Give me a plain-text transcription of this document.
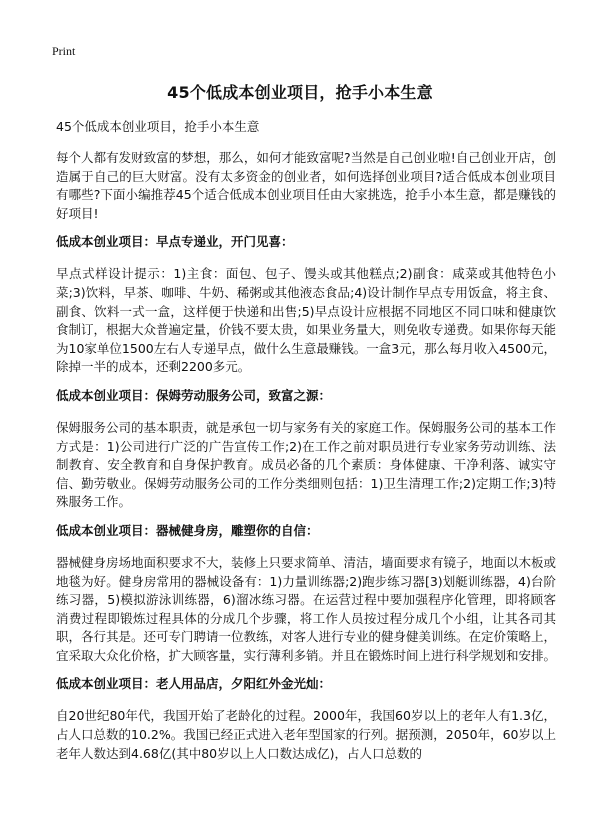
Print
45个低成本创业项目，抢手小本生意
45个低成本创业项目，抢手小本生意
每个人都有发财致富的梦想，那么，如何才能致富呢?当然是自己创业啦!自己创业开店，创造属于自己的巨大财富。没有太多资金的创业者，如何选择创业项目?适合低成本创业项目有哪些?下面小编推荐45个适合低成本创业项目任由大家挑选，抢手小本生意，都是赚钱的好项目!
低成本创业项目：早点专递业，开门见喜：
早点式样设计提示：1)主食：面包、包子、馒头或其他糕点;2)副食：咸菜或其他特色小菜;3)饮料，早茶、咖啡、牛奶、稀粥或其他液态食品;4)设计制作早点专用饭盒，将主食、副食、饮料一式一盒，这样便于快递和出售;5)早点设计应根据不同地区不同口味和健康饮食制订，根据大众普遍定量，价钱不要太贵，如果业务量大，则免收专递费。如果你每天能为10家单位1500左右人专递早点，做什么生意最赚钱。一盒3元，那么每月收入4500元，除掉一半的成本，还剩2200多元。
低成本创业项目：保姆劳动服务公司，致富之源：
保姆服务公司的基本职责，就是承包一切与家务有关的家庭工作。保姆服务公司的基本工作方式是：1)公司进行广泛的广告宣传工作;2)在工作之前对职员进行专业家务劳动训练、法制教育、安全教育和自身保护教育。成员必备的几个素质：身体健康、干净利落、诚实守信、勤劳敬业。保姆劳动服务公司的工作分类细则包括：1)卫生清理工作;2)定期工作;3)特殊服务工作。
低成本创业项目：器械健身房，雕塑你的自信：
器械健身房场地面积要求不大，装修上只要求简单、清洁，墙面要求有镜子，地面以木板或地毯为好。健身房常用的器械设备有：1)力量训练器;2)跑步练习器[3)划艇训练器，4)台阶练习器，5)模拟游泳训练器，6)溜冰练习器。在运营过程中要加强程序化管理，即将顾客消费过程即锻炼过程具体的分成几个步骤，将工作人员按过程分成几个小组，让其各司其职，各行其是。还可专门聘请一位教练，对客人进行专业的健身健美训练。在定价策略上，宜采取大众化价格，扩大顾客量，实行薄利多销。并且在锻炼时间上进行科学规划和安排。
低成本创业项目：老人用品店，夕阳红外金光灿：
自20世纪80年代，我国开始了老龄化的过程。2000年，我国60岁以上的老年人有1.3亿，占人口总数的10.2%。我国已经正式进入老年型国家的行列。据预测，2050年，60岁以上老年人数达到4.68亿(其中80岁以上人口数达成亿)，占人口总数的
